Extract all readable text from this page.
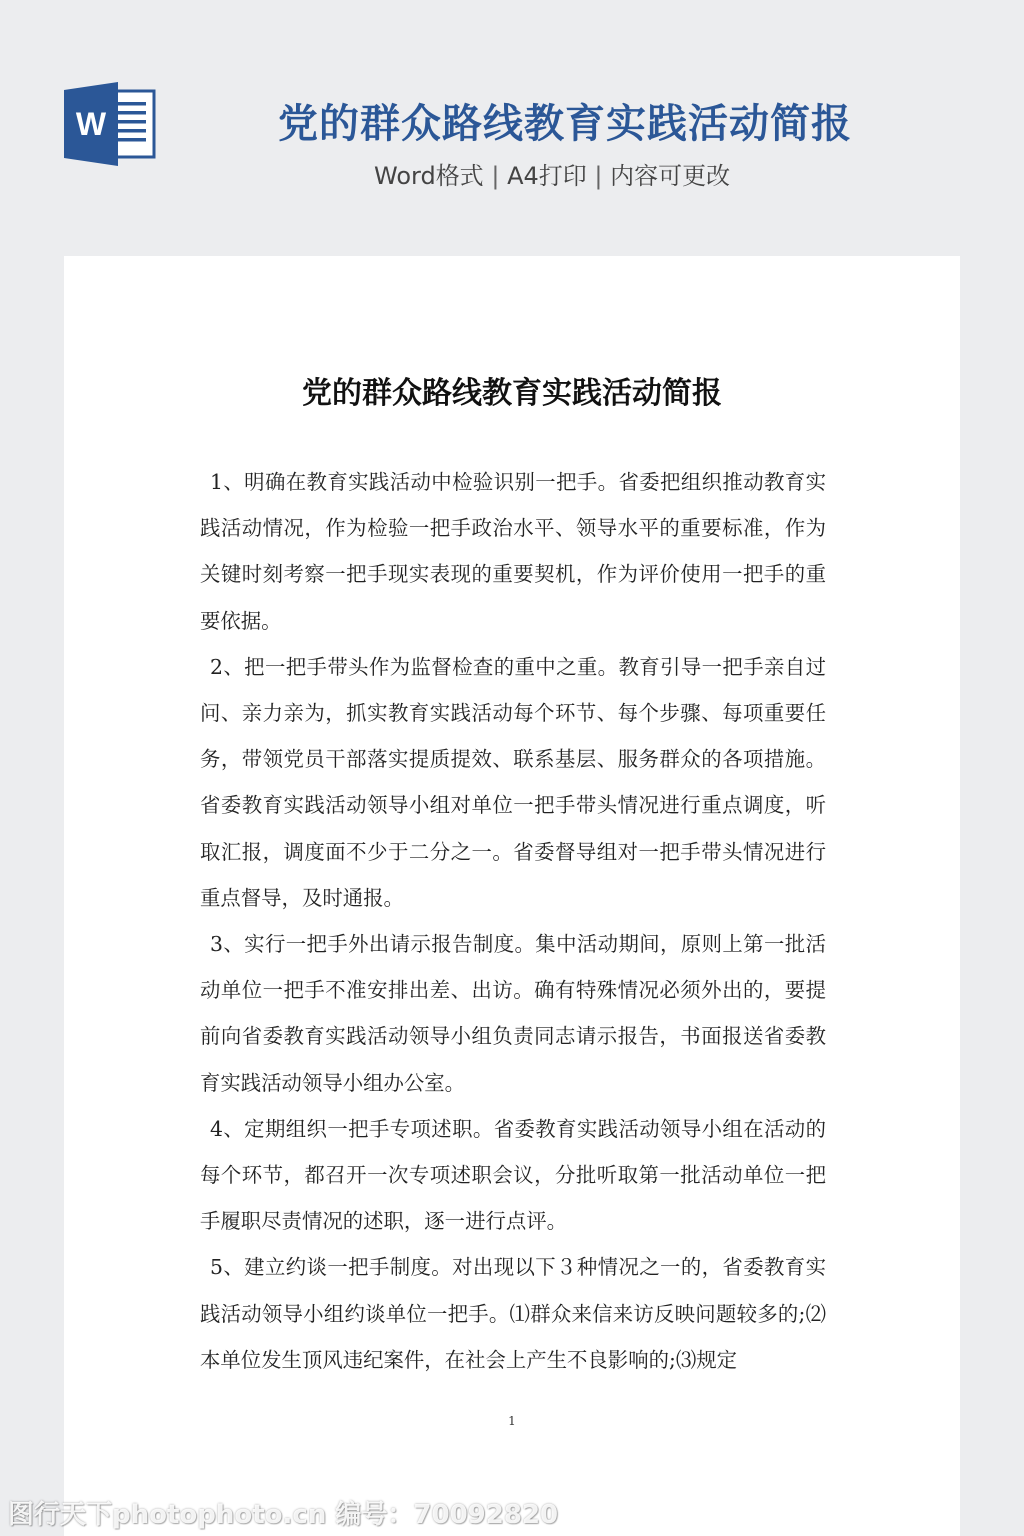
W	党的群众路线教育实践活动简报
Word格式 | A4打印 | 内容可更改
党的群众路线教育实践活动简报

1、明确在教育实践活动中检验识别一把手。省委把组织推动教育实践活动情况，作为检验一把手政治水平、领导水平的重要标准，作为关键时刻考察一把手现实表现的重要契机，作为评价使用一把手的重要依据。

2、把一把手带头作为监督检查的重中之重。教育引导一把手亲自过问、亲力亲为，抓实教育实践活动每个环节、每个步骤、每项重要任务，带领党员干部落实提质提效、联系基层、服务群众的各项措施。省委教育实践活动领导小组对单位一把手带头情况进行重点调度，听取汇报，调度面不少于二分之一。省委督导组对一把手带头情况进行重点督导，及时通报。

3、实行一把手外出请示报告制度。集中活动期间，原则上第一批活动单位一把手不准安排出差、出访。确有特殊情况必须外出的，要提前向省委教育实践活动领导小组负责同志请示报告，书面报送省委教育实践活动领导小组办公室。

4、定期组织一把手专项述职。省委教育实践活动领导小组在活动的每个环节，都召开一次专项述职会议，分批听取第一批活动单位一把手履职尽责情况的述职，逐一进行点评。

5、建立约谈一把手制度。对出现以下３种情况之一的，省委教育实践活动领导小组约谈单位一把手。⑴群众来信来访反映问题较多的;⑵本单位发生顶风违纪案件，在社会上产生不良影响的;⑶规定

1
图行天下photophoto.cn 编号：70092820
